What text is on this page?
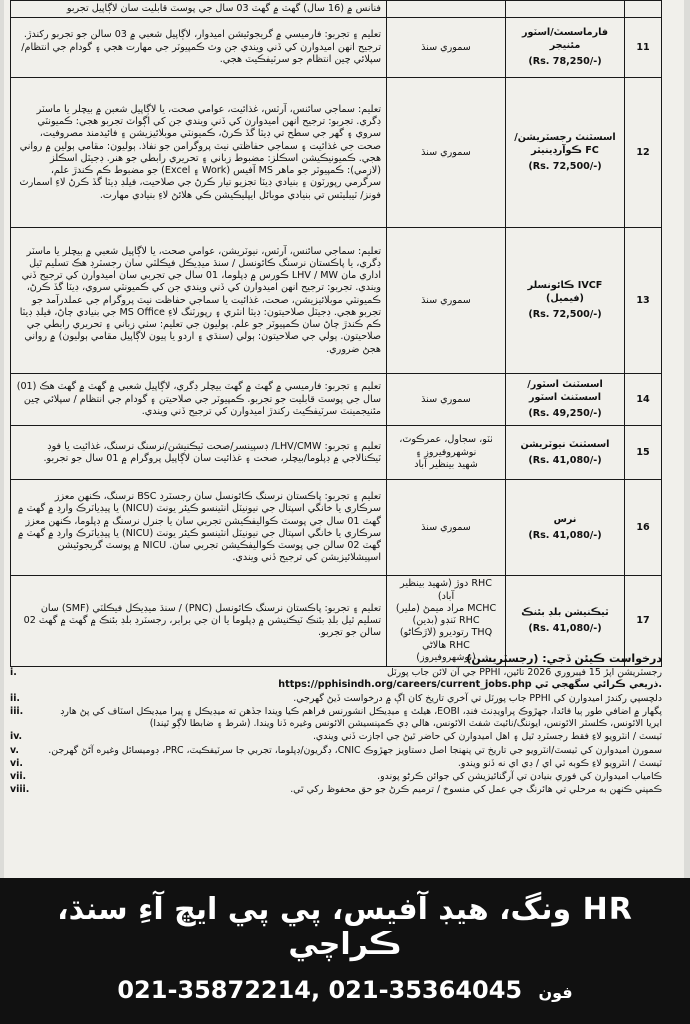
			فنانس ۾ (16 سال) گهٽ ۾ گهٽ 03 سال جي پوسٽ قابليت سان لاڳاپيل تجربو
11	فارماسسٽ/اسٽور مئنيجر
(Rs. 78,250/-)	سموري سنڌ	تعليم ۽ تجربو: فارميسي ۾ گريجوئيشن اميدوار، لاڳاپيل شعبي ۾ 03 سالن جو تجربو رکندڙ. ترجيح انهن اميدوارن کي ڏني ويندي جن وٽ ڪمپيوٽر جي مهارت هجي ۽ گودام جي انتظام/ سپلائي چين انتظام جو سرٽيفڪيٽ هجي.
12	اسسٽنٽ رجسٽريشن/ FC ڪوآرڊينيٽر
(Rs. 72,500/-)	سموري سنڌ	تعليم: سماجي سائنس، آرٽس، غذائيت، عوامي صحت، يا لاڳاپيل شعبن ۾ بيچلر يا ماسٽر ڊگري. تجربو: ترجيح انهن اميدوارن کي ڏني ويندي جن کي اڳواٽ تجربو هجي: ڪميونٽي سروي ۽ گهر جي سطح تي ڊيٽا گڏ ڪرڻ، ڪميونٽي موبلائيزيشن ۽ فائيدمند مصروفيت، صحت جي غذائيت ۽ سماجي حفاظتي نيٽ پروگرامن جو نفاذ. ٻوليون: مقامي ٻولين ۾ رواني هجي. ڪميونيڪيشن اسڪلز: مضبوط زباني ۽ تحريري رابطي جو هنر. ڊجيٽل اسڪلز (لازمي): ڪمپيوٽر جو ماهر MS آفيس (Work ۽ Excel) جو مضبوط ڪم ڪندڙ علم، سرگرمي رپورٽون ۽ بنيادي ڊيٽا تجزيو تيار ڪرڻ جي صلاحيت، فيلڊ ڊيٽا گڏ ڪرڻ لاءِ اسمارٽ فونز/ ٽيبليٽس تي بنيادي موبائل ايپليڪيشن ڪي هلائڻ لاءِ بنيادي مهارت.
13	IVCF ڪائونسلر (فيميل)
(Rs. 72,500/-)	سموري سنڌ	تعليم: سماجي سائنس، آرٽس، نيوٽريشن، عوامي صحت، يا لاڳاپيل شعبي ۾ بيچلر يا ماسٽر ڊگري، يا پاڪستان نرسنگ ڪائونسل / سنڌ ميڊيڪل فيڪلٽي سان رجسٽرڊ هڪ تسليم ٿيل اداري مان LHV / MW ڪورس ۾ ڊپلوما، 01 سال جي تجربي سان اميدوارن کي ترجيح ڏني ويندي. تجربو: ترجيح انهن اميدوارن کي ڏني ويندي جن کي ڪميونٽي سروي، ڊيٽا گڏ ڪرڻ، ڪميونٽي موبلائيزيشن، صحت، غذائيت يا سماجي حفاظت نيٽ پروگرام جي عملدرآمد جو تجربو هجي. ڊجيٽل صلاحيتون: ڊيٽا انٽري ۽ رپورٽنگ لاءِ MS Office جي بنيادي ڄاڻ، فيلڊ ڊيٽا ڪم ڪندڙ ڄاڻ سان ڪمپيوٽر جو علم. ٻوليون جي تعليم: سٺي زباني ۽ تحريري رابطي جي صلاحيتون. ٻولي جي صلاحيتون: ٻولي (سنڌي ۽ اردو يا ٻيون لاڳاپيل مقامي ٻوليون) ۾ رواني هجڻ ضروري.
14	اسسٽنٽ اسٽور/ اسسٽنٽ اسٽور
(Rs. 49,250/-)	سموري سنڌ	تعليم ۽ تجربو: فارميسي ۾ گهٽ ۾ گهٽ بيچلر ڊگري، لاڳاپيل شعبي ۾ گهٽ ۾ گهٽ هڪ (01) سال جي پوسٽ قابليت جو تجربو. ڪمپيوٽر جي صلاحيتن ۽ گودام جي انتظام / سپلائي چين مئنيجمينٽ سرٽيفڪيٽ رکندڙ اميدوارن کي ترجيح ڏني ويندي.
15	اسسٽنٽ نيوٽريشن
(Rs. 41,080/-)	ٺٽو، سجاول، عمرڪوٽ، نوشهروفيروز ۽
شهيد بينظير آباد	تعليم ۽ تجربو: LHV/CMW/ ڊسپينسر/صحت ٽيڪنيشن/نرسنگ نرسنگ، غذائيت يا فوڊ ٽيڪنالاجي ۾ ڊپلوما/بيچلر، صحت ۽ غذائيت سان لاڳاپيل پروگرام ۾ 01 سال جو تجربو.
16	نرس
(Rs. 41,080/-)	سموري سنڌ	تعليم ۽ تجربو: پاڪستان نرسنگ ڪائونسل سان رجسٽرڊ BSC نرسنگ، ڪنهن معزز سرڪاري يا خانگي اسپتال جي نيونيٽل انٽينسو ڪيئر يونٽ (NICU) يا پيڊياٽرڪ وارڊ ۾ گهٽ ۾ گهٽ 01 سال جي پوسٽ ڪواليفڪيشن تجربي سان يا جنرل نرسنگ ۾ ڊپلوما، ڪنهن معزز سرڪاري يا خانگي اسپتال جي نيونيٽل انٽينسو ڪيئر يونٽ (NICU) يا پيڊياٽرڪ وارڊ ۾ گهٽ ۾ گهٽ 02 سالن جي پوسٽ ڪواليفڪيشن تجربي سان. NICU ۾ پوسٽ گريجوئيشن اسپيشلائيزيشن کي ترجيح ڏني ويندي.
17	ٽيڪنيشن بلڊ بئنڪ
(Rs. 41,080/-)	RHC دوڙ (شهيد بينظير آباد)
MCHC مراد ميمڻ (ملير)
RHC ٽنڊو (بدين)
THQ رتوديرو (لاڙڪاڻو)
RHC هالاڻي (نوشهروفيروز)	تعليم ۽ تجربو: پاڪستان نرسنگ ڪائونسل (PNC) / سنڌ ميڊيڪل فيڪلٽي (SMF) سان تسليم ٿيل بلڊ بئنڪ ٽيڪنيشن ۾ ڊپلوما يا ان جي برابر، رجسٽرڊ بلڊ بئنڪ ۾ گهٽ ۾ گهٽ 02 سالن جو تجربو.
درخواست ڪيئن ڏجي: (رجسٽريشن)
i.	رجسٽريشن اپڙ 15 فيبروري 2026 تائين، PPHI جي آن لائن جاب پورٽل
https://pphisindh.org/careers/current_jobs.php ذريعي ڪرائي سگهجي ٿي.
ii.	دلچسپي رکندڙ اميدوارن کي PPHI جاب پورٽل تي آخري تاريخ کان اڳ ۾ درخواست ڏيڻ گهرجي.
iii.	پگهار ۾ اضافي طور ٻيا فائدا، جهڙوڪ پراويڊنٽ فنڊ، EOBI، هيلٿ ۽ ميڊيڪل انشورنس فراهم ڪيا ويندا جڏهن ته ميڊيڪل ۽ پيرا ميڊيڪل اسٽاف کي پڻ هارڊ ايريا الائونس، ڪلسٽر الائونس، ايوننگ/نائيٽ شفٽ الائونس، هالي ڊي ڪمپنسيشن الائونس وغيره ڏنا ويندا. (شرط ۽ ضابطا لاڳو ٿيندا)
iv.	ٽيسٽ / انٽرويو لاءِ فقط رجسٽرڊ ٿيل ۽ اهل اميدوارن کي حاضر ٿيڻ جي اجازت ڏني ويندي.
v.	سمورن اميدوارن کي ٽيسٽ/انٽرويو جي تاريخ تي پنهنجا اصل دستاويز جهڙوڪ CNIC، ڊگريون/ڊپلوما، تجربي جا سرٽيفڪيٽ، PRC، ڊوميسائل وغيره آڻڻ گهرجن.
vi.	ٽيسٽ / انٽرويو لاءِ ڪوبه ٽي اي / ڊي اي نه ڏنو ويندو.
vii.	ڪامياب اميدوارن کي فوري بنيادن تي آرگنائيزيشن کي جوائن ڪرڻو پوندو.
viii.	ڪمپني ڪنهن به مرحلي تي هائرنگ جي عمل کي منسوخ / ترميم ڪرڻ جو حق محفوظ رکي ٿي.
HR ونگ، هيڊ آفيس، پي پي ايڇ آءِ سنڌ، ڪراچي
021-35872214, 021-35364045 فون
